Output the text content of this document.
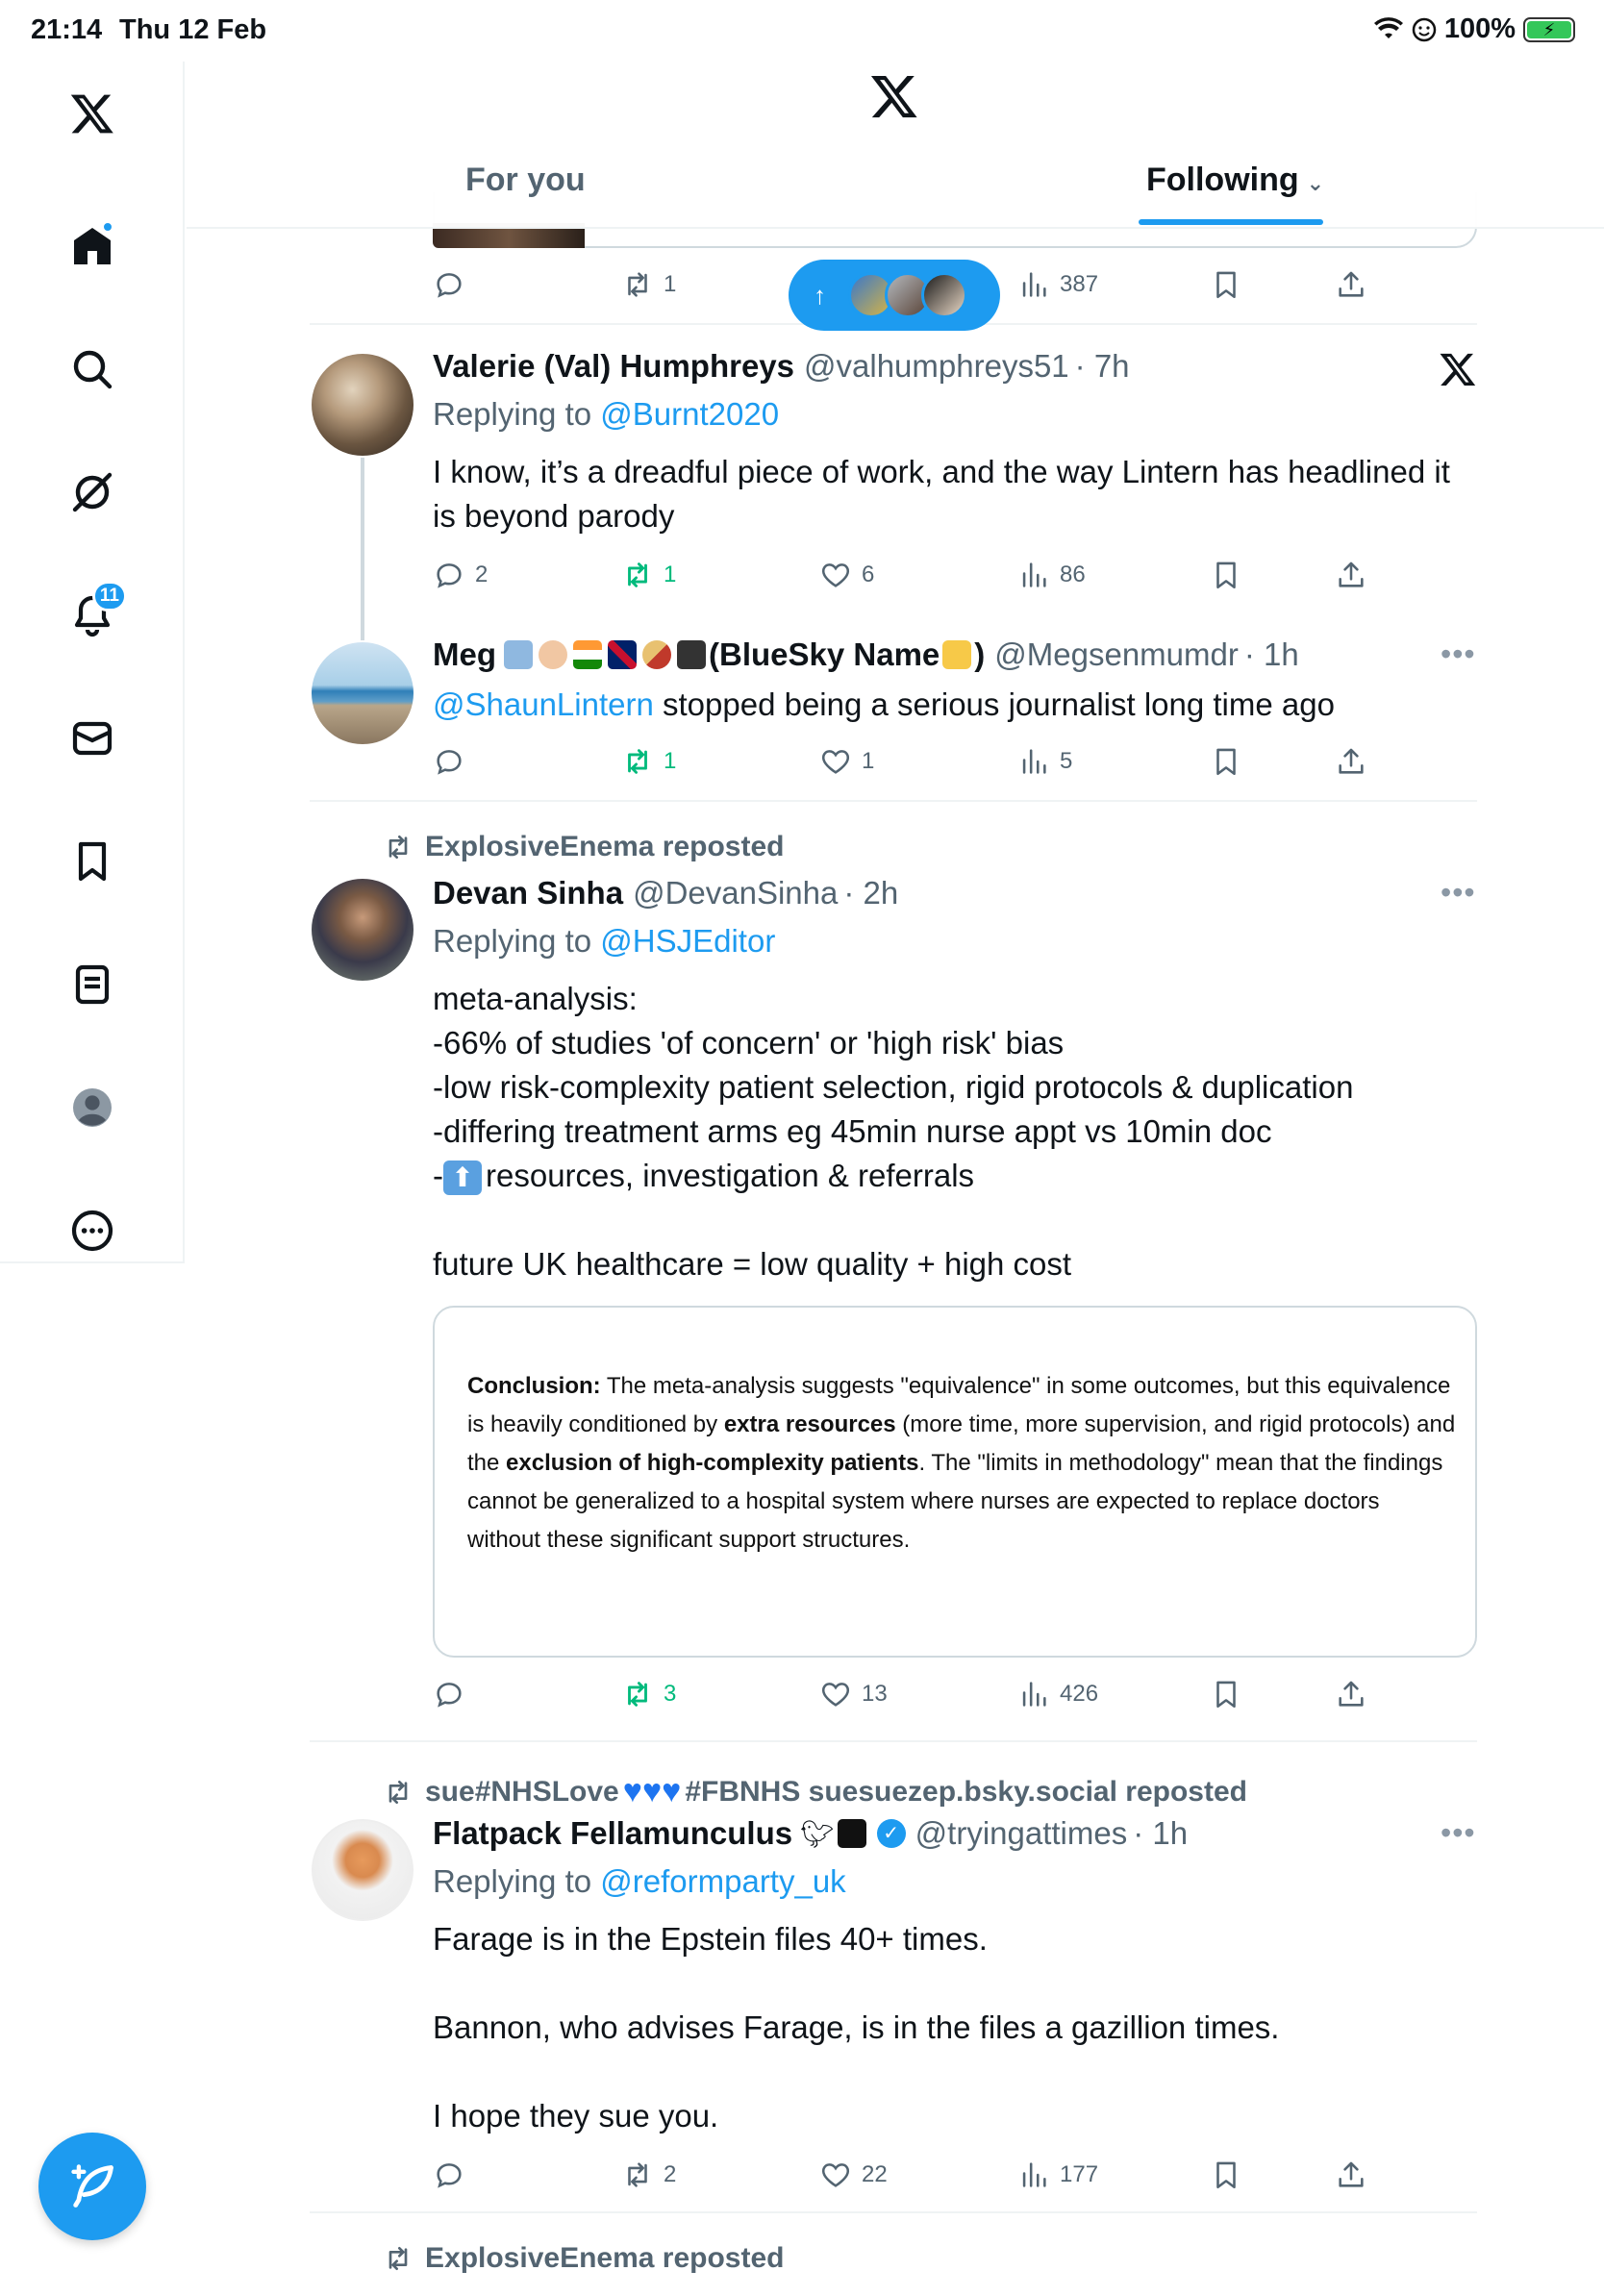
21:14 Thu 12 Feb	100%	⚡
11
For you	Following ⌄
↑
1	387
Valerie (Val) Humphreys @valhumphreys51 · 7h
Replying to @Burnt2020
I know, it’s a dreadful piece of work, and the way Lintern has headlined it is beyond parody
2	1	6	86
Meg	(BlueSky Name ) @Megsenmumdr · 1h	•••
@ShaunLintern stopped being a serious journalist long time ago
1	1	5
ExplosiveEnema reposted
Devan Sinha @DevanSinha · 2h	•••
Replying to @HSJEditor
meta-analysis:
-66% of studies 'of concern' or 'high risk' bias
-low risk-complexity patient selection, rigid protocols & duplication
-differing treatment arms eg 45min nurse appt vs 10min doc
- ⬆ resources, investigation & referrals
future UK healthcare = low quality + high cost
Conclusion: The meta-analysis suggests "equivalence" in some outcomes, but this equivalence is heavily conditioned by extra resources (more time, more supervision, and rigid protocols) and the exclusion of high-complexity patients. The "limits in methodology" mean that the findings cannot be generalized to a hospital system where nurses are expected to replace doctors without these significant support structures.
3	13	426
sue#NHSLove ♥♥♥ #FBNHS suesuezep.bsky.social reposted
Flatpack Fellamunculus 🐦︎	✓ @tryingattimes · 1h	•••
Replying to @reformparty_uk
Farage is in the Epstein files 40+ times.
Bannon, who advises Farage, is in the files a gazillion times.
I hope they sue you.
2	22	177
ExplosiveEnema reposted
